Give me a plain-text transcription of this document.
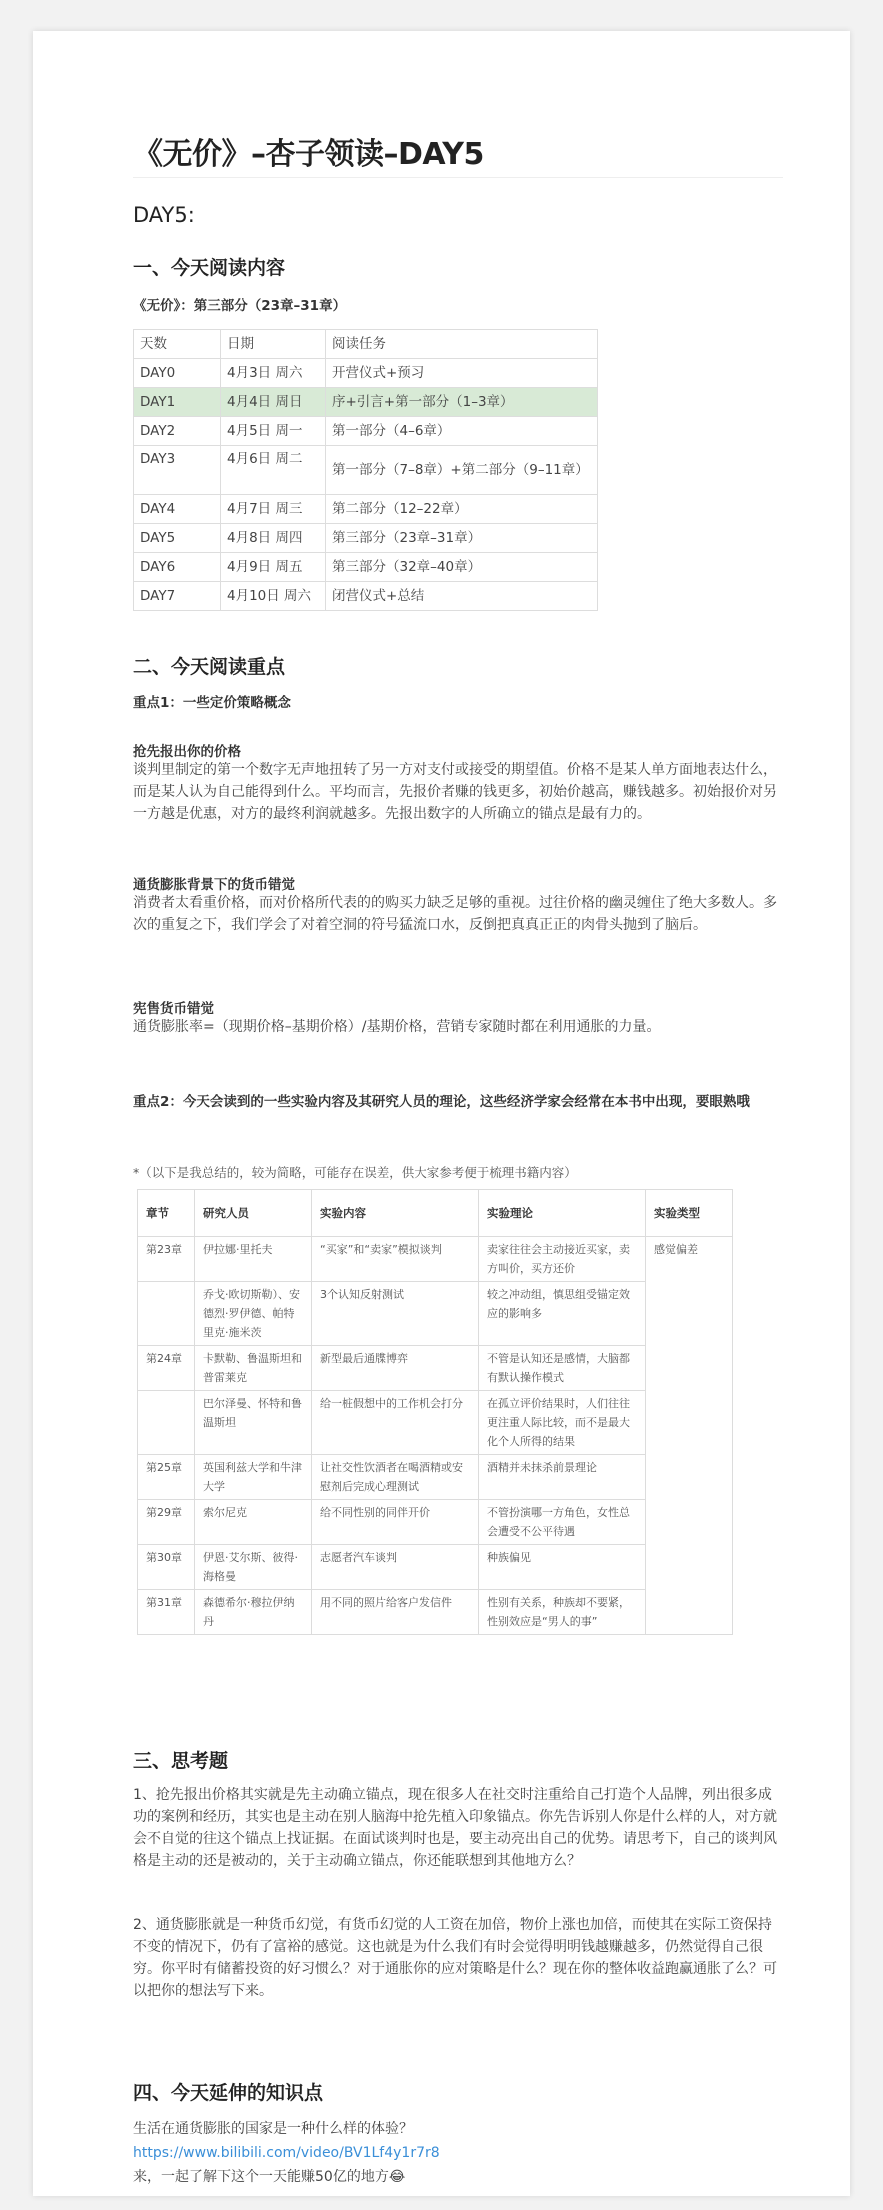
《无价》–杏子领读–DAY5
DAY5:
一、今天阅读内容
《无价》：第三部分（23章–31章）
天数	日期	阅读任务
DAY0	4月3日 周六	开营仪式+预习
DAY1	4月4日 周日	序+引言+第一部分（1–3章）
DAY2	4月5日 周一	第一部分（4–6章）
DAY3	4月6日 周二	第一部分（7–8章）+第二部分（9–11章）
DAY4	4月7日 周三	第二部分（12–22章）
DAY5	4月8日 周四	第三部分（23章–31章）
DAY6	4月9日 周五	第三部分（32章–40章）
DAY7	4月10日 周六	闭营仪式+总结
二、今天阅读重点
重点1：一些定价策略概念
抢先报出你的价格

谈判里制定的第一个数字无声地扭转了另一方对支付或接受的期望值。价格不是某人单方面地表达什么，而是某人认为自己能得到什么。平均而言，先报价者赚的钱更多，初始价越高，赚钱越多。初始报价对另一方越是优惠，对方的最终利润就越多。先报出数字的人所确立的锚点是最有力的。

通货膨胀背景下的货币错觉

消费者太看重价格，而对价格所代表的的购买力缺乏足够的重视。过往价格的幽灵缠住了绝大多数人。多次的重复之下，我们学会了对着空洞的符号猛流口水，反倒把真真正正的肉骨头抛到了脑后。

宪售货币错觉

通货膨胀率=（现期价格–基期价格）/基期价格，营销专家随时都在利用通胀的力量。

重点2：今天会读到的一些实验内容及其研究人员的理论，这些经济学家会经常在本书中出现，要眼熟哦

*（以下是我总结的，较为简略，可能存在误差，供大家参考便于梳理书籍内容）
章节	研究人员	实验内容	实验理论	实验类型
第23章	伊拉娜·里托夫	“买家”和“卖家”模拟谈判	卖家往往会主动接近买家，卖方叫价，买方还价	感觉偏差
	乔戈·欧切斯勒）、安德烈·罗伊德、帕特里克·施米茨	3个认知反射测试	较之冲动组，慎思组受锚定效应的影响多	
第24章	卡默勒、鲁温斯坦和普雷莱克	新型最后通牒博弈	不管是认知还是感情，大脑都有默认操作模式	
	巴尔泽曼、怀特和鲁温斯坦	给一桩假想中的工作机会打分	在孤立评价结果时，人们往往更注重人际比较，而不是最大化个人所得的结果	
第25章	英国利兹大学和牛津大学	让社交性饮酒者在喝酒精或安慰剂后完成心理测试	酒精并未抹杀前景理论	
第29章	索尔尼克	给不同性别的同伴开价	不管扮演哪一方角色，女性总会遭受不公平待遇	
第30章	伊恩·艾尔斯、彼得·海格曼	志愿者汽车谈判	种族偏见	
第31章	森德希尔·穆拉伊纳丹	用不同的照片给客户发信件	性别有关系，种族却不要紧，性别效应是“男人的事”	
三、思考题

1、抢先报出价格其实就是先主动确立锚点，现在很多人在社交时注重给自己打造个人品牌，列出很多成功的案例和经历，其实也是主动在别人脑海中抢先植入印象锚点。你先告诉别人你是什么样的人，对方就会不自觉的往这个锚点上找证据。在面试谈判时也是，要主动亮出自己的优势。请思考下，自己的谈判风格是主动的还是被动的，关于主动确立锚点，你还能联想到其他地方么？

2、通货膨胀就是一种货币幻觉，有货币幻觉的人工资在加倍，物价上涨也加倍，而使其在实际工资保持不变的情况下，仍有了富裕的感觉。这也就是为什么我们有时会觉得明明钱越赚越多，仍然觉得自己很穷。你平时有储蓄投资的好习惯么？对于通胀你的应对策略是什么？现在你的整体收益跑赢通胀了么？可以把你的想法写下来。

四、今天延伸的知识点

生活在通货膨胀的国家是一种什么样的体验？

https://www.bilibili.com/video/BV1Lf4y1r7r8

来，一起了解下这个一天能赚50亿的地方😂
